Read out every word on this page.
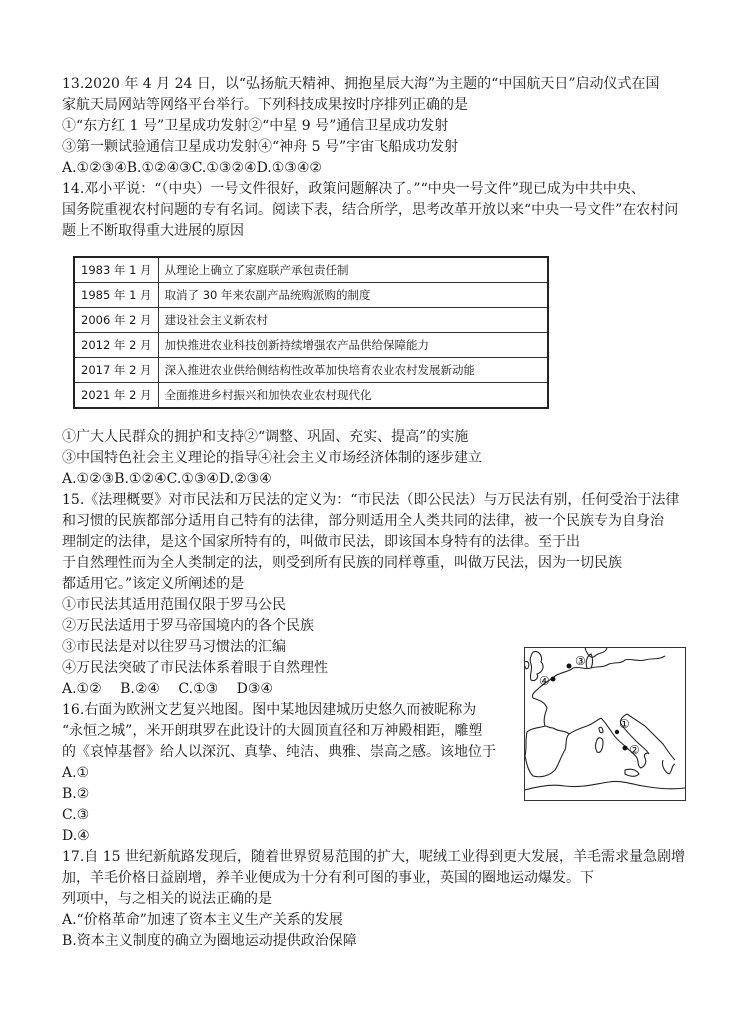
13.2020 年 4 月 24 日，以“弘扬航天精神、拥抱星辰大海”为主题的“中国航天日”启动仪式在国
家航天局网站等网络平台举行。下列科技成果按时序排列正确的是
①“东方红 1 号”卫星成功发射②“中星 9 号”通信卫星成功发射
③第一颗试验通信卫星成功发射④“神舟 5 号”宇宙飞船成功发射
A.①②③④B.①②④③C.①③②④D.①③④②
14.邓小平说：“（中央）一号文件很好，政策问题解决了。”“中央一号文件”现已成为中共中央、
国务院重视农村问题的专有名词。阅读下表，结合所学，思考改革开放以来“中央一号文件”在农村问
题上不断取得重大进展的原因
1983 年 1 月	从理论上确立了家庭联产承包责任制
1985 年 1 月	取消了 30 年来农副产品统购派购的制度
2006 年 2 月	建设社会主义新农村
2012 年 2 月	加快推进农业科技创新持续增强农产品供给保障能力
2017 年 2 月	深入推进农业供给侧结构性改革加快培育农业农村发展新动能
2021 年 2 月	全面推进乡村振兴和加快农业农村现代化
①广大人民群众的拥护和支持②“调整、巩固、充实、提高”的实施
③中国特色社会主义理论的指导④社会主义市场经济体制的逐步建立
A.①②③B.①②④C.①③④D.②③④
15.《法理概要》对市民法和万民法的定义为：“市民法（即公民法）与万民法有别，任何受治于法律
和习惯的民族都部分适用自己特有的法律，部分则适用全人类共同的法律，被一个民族专为自身治
理制定的法律，是这个国家所特有的，叫做市民法，即该国本身特有的法律。至于出
于自然理性而为全人类制定的法，则受到所有民族的同样尊重，叫做万民法，因为一切民族
都适用它。”该定义所阐述的是
①市民法其适用范围仅限于罗马公民
②万民法适用于罗马帝国境内的各个民族
③市民法是对以往罗马习惯法的汇编
④万民法突破了市民法体系着眼于自然理性
A.①②　 B.②④　 C.①③　 D③④
16.右面为欧洲文艺复兴地图。图中某地因建城历史悠久而被昵称为
“永恒之城”，米开朗琪罗在此设计的大圆顶直径和万神殿相距，雕塑
的《哀悼基督》给人以深沉、真挚、纯洁、典雅、崇高之感。该地位于
A.①
B.②
C.③
D.④
④
③
①
②
17.自 15 世纪新航路发现后，随着世界贸易范围的扩大，呢绒工业得到更大发展，羊毛需求量急剧增
加，羊毛价格日益剧增，养羊业便成为十分有利可图的事业，英国的圈地运动爆发。下
列项中，与之相关的说法正确的是
A.“价格革命”加速了资本主义生产关系的发展
B.资本主义制度的确立为圈地运动提供政治保障
